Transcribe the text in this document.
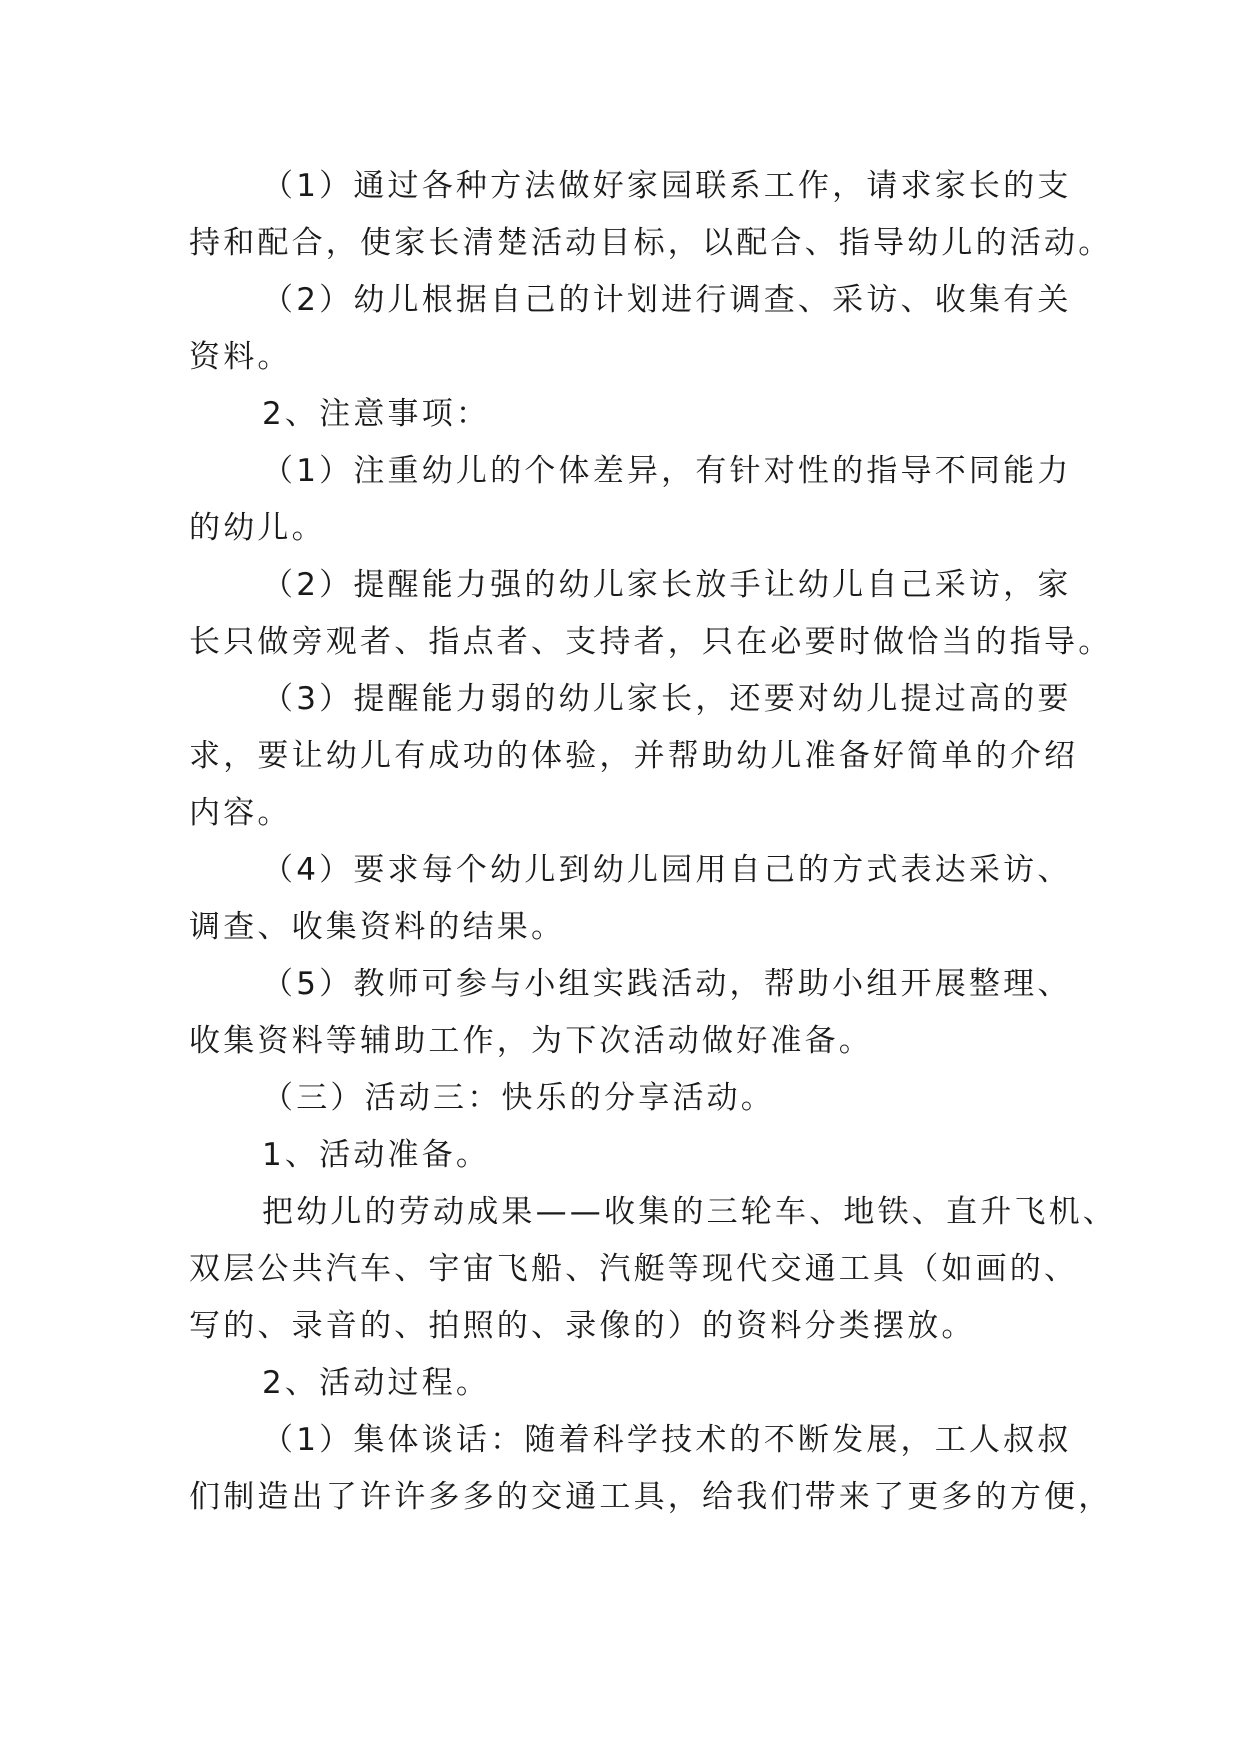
（1）通过各种方法做好家园联系工作，请求家长的支
持和配合，使家长清楚活动目标，以配合、指导幼儿的活动。
（2）幼儿根据自己的计划进行调查、采访、收集有关
资料。
2、注意事项：
（1）注重幼儿的个体差异，有针对性的指导不同能力
的幼儿。
（2）提醒能力强的幼儿家长放手让幼儿自己采访，家
长只做旁观者、指点者、支持者，只在必要时做恰当的指导。
（3）提醒能力弱的幼儿家长，还要对幼儿提过高的要
求，要让幼儿有成功的体验，并帮助幼儿准备好简单的介绍
内容。
（4）要求每个幼儿到幼儿园用自己的方式表达采访、
调查、收集资料的结果。
（5）教师可参与小组实践活动，帮助小组开展整理、
收集资料等辅助工作，为下次活动做好准备。
（三）活动三：快乐的分享活动。
1、活动准备。
把幼儿的劳动成果——收集的三轮车、地铁、直升飞机、
双层公共汽车、宇宙飞船、汽艇等现代交通工具（如画的、
写的、录音的、拍照的、录像的）的资料分类摆放。
2、活动过程。
（1）集体谈话：随着科学技术的不断发展，工人叔叔
们制造出了许许多多的交通工具，给我们带来了更多的方便，
